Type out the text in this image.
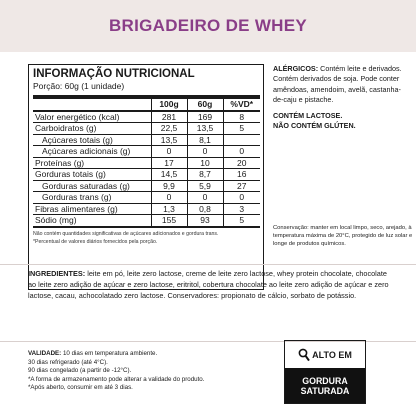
BRIGADEIRO DE WHEY
INFORMAÇÃO NUTRICIONAL
Porção: 60g (1 unidade)
	100g	60g	%VD*
Valor energético (kcal)	281	169	8
Carboidratos (g)	22,5	13,5	5
Açúcares totais (g)	13,5	8,1	
Açúcares adicionais (g)	0	0	0
Proteínas (g)	17	10	20
Gorduras totais (g)	14,5	8,7	16
Gorduras saturadas (g)	9,9	5,9	27
Gorduras trans (g)	0	0	0
Fibras alimentares (g)	1,3	0,8	3
Sódio (mg)	155	93	5
Não contém quantidades significativas de açúcares adicionados e gordura trans.
*Percentual de valores diários fornecidos pela porção.
ALÉRGICOS: Contém leite e derivados. Contém derivados de soja. Pode conter amêndoas, amendoim, avelã, castanha-de-caju e pistache.
CONTÉM LACTOSE.
NÃO CONTÉM GLÚTEN.
Conservação: manter em local limpo, seco, arejado, à temperatura máxima de 20°C, protegido de luz solar e longe de produtos químicos.
INGREDIENTES: leite em pó, leite zero lactose, creme de leite zero lactose, whey protein chocolate, chocolate ao leite zero adição de açúcar e zero lactose, eritritol, cobertura chocolate ao leite zero adição de açúcar e zero lactose, cacau, achocolatado zero lactose. Conservadores: propionato de cálcio, sorbato de potássio.
VALIDADE: 10 dias em temperatura ambiente.
30 dias refrigerado (até 4°C).
90 dias congelado (a partir de -12°C).
*A forma de armazenamento pode alterar a validade do produto.
*Após aberto, consumir em até 3 dias.
ALTO EM
GORDURA
SATURADA
